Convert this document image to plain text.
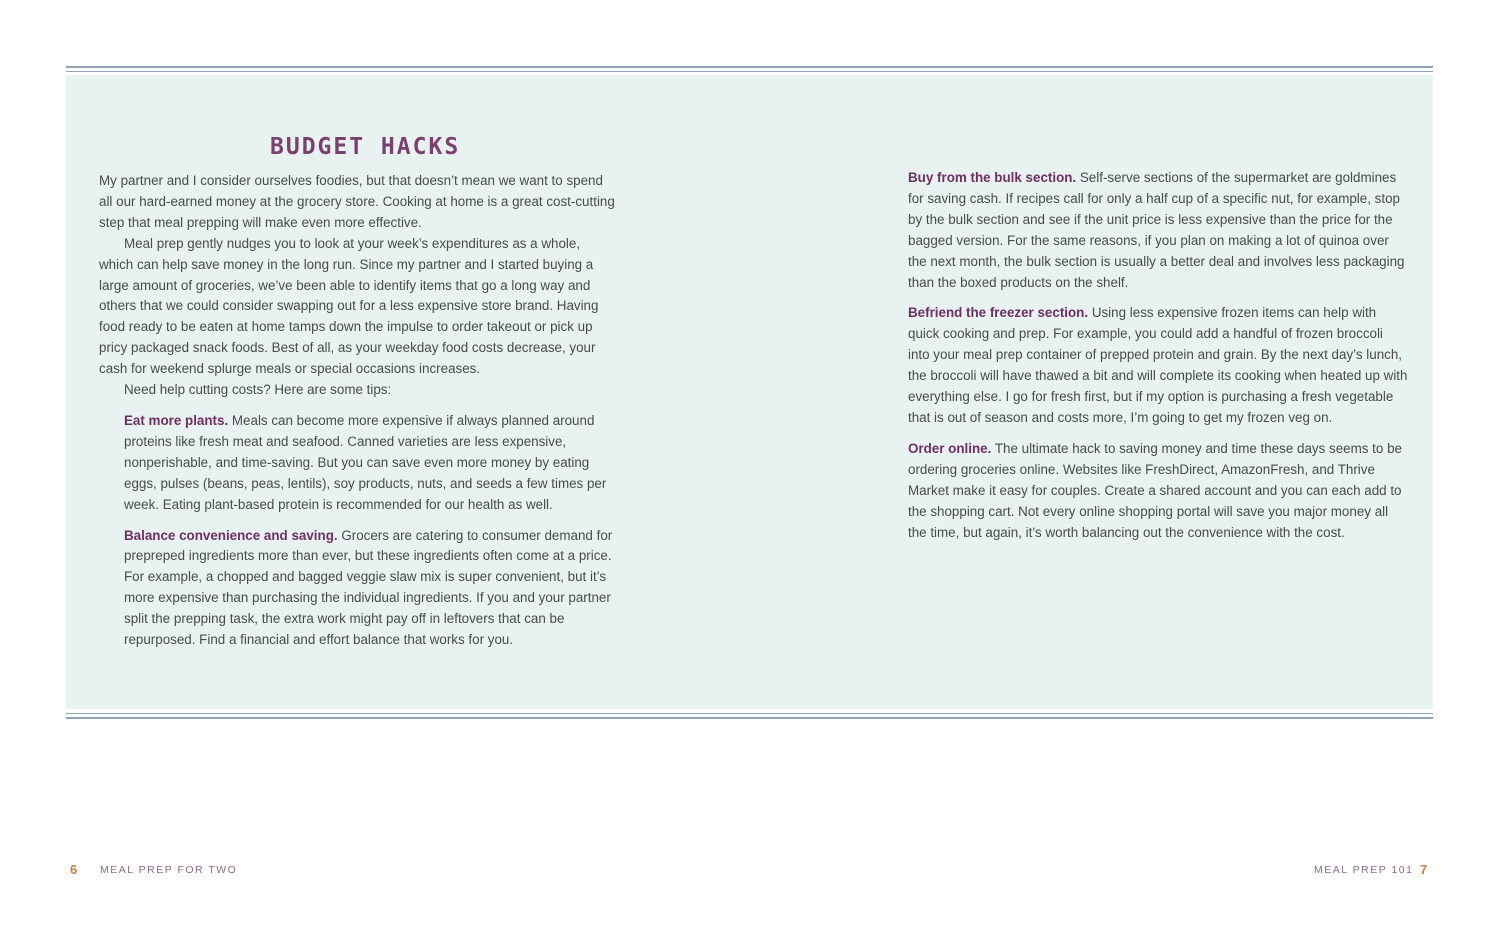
BUDGET HACKS

My partner and I consider ourselves foodies, but that doesn’t mean we want to spend all our hard-earned money at the grocery store. Cooking at home is a great cost-cutting step that meal prepping will make even more effective.

Meal prep gently nudges you to look at your week’s expenditures as a whole, which can help save money in the long run. Since my partner and I started buying a large amount of groceries, we’ve been able to identify items that go a long way and others that we could consider swapping out for a less expensive store brand. Having food ready to be eaten at home tamps down the impulse to order takeout or pick up pricy packaged snack foods. Best of all, as your weekday food costs decrease, your cash for weekend splurge meals or special occasions increases.

Need help cutting costs? Here are some tips:

Eat more plants. Meals can become more expensive if always planned around proteins like fresh meat and seafood. Canned varieties are less expensive, nonperishable, and time-saving. But you can save even more money by eating eggs, pulses (beans, peas, lentils), soy products, nuts, and seeds a few times per week. Eating plant-based protein is recommended for our health as well.

Balance convenience and saving. Grocers are catering to consumer demand for prepreped ingredients more than ever, but these ingredients often come at a price. For example, a chopped and bagged veggie slaw mix is super convenient, but it’s more expensive than purchasing the individual ingredients. If you and your partner split the prepping task, the extra work might pay off in leftovers that can be repurposed. Find a financial and effort balance that works for you.

Buy from the bulk section. Self-serve sections of the supermarket are goldmines for saving cash. If recipes call for only a half cup of a specific nut, for example, stop by the bulk section and see if the unit price is less expensive than the price for the bagged version. For the same reasons, if you plan on making a lot of quinoa over the next month, the bulk section is usually a better deal and involves less packaging than the boxed products on the shelf.

Befriend the freezer section. Using less expensive frozen items can help with quick cooking and prep. For example, you could add a handful of frozen broccoli into your meal prep container of prepped protein and grain. By the next day’s lunch, the broccoli will have thawed a bit and will complete its cooking when heated up with everything else. I go for fresh first, but if my option is purchasing a fresh vegetable that is out of season and costs more, I’m going to get my frozen veg on.

Order online. The ultimate hack to saving money and time these days seems to be ordering groceries online. Websites like FreshDirect, AmazonFresh, and Thrive Market make it easy for couples. Create a shared account and you can each add to the shopping cart. Not every online shopping portal will save you major money all the time, but again, it’s worth balancing out the convenience with the cost.

6 MEAL PREP FOR TWO	MEAL PREP 101 7
